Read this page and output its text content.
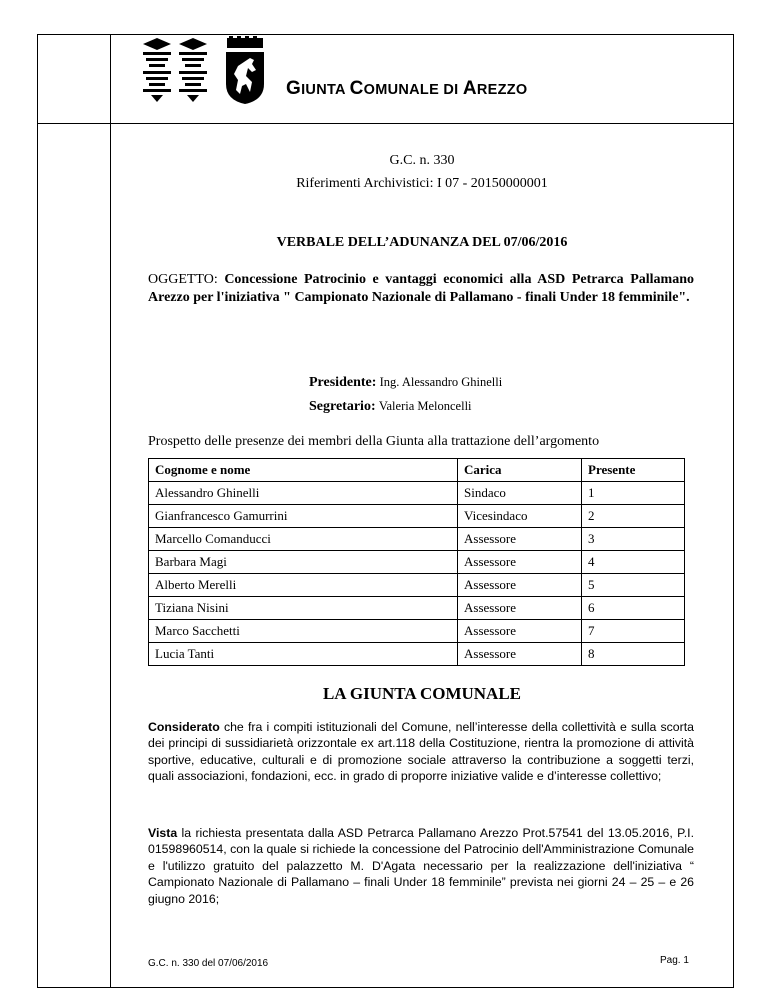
GIUNTA COMUNALE DI AREZZO
G.C. n. 330
Riferimenti Archivistici: I 07 - 20150000001
VERBALE DELL’ADUNANZA DEL 07/06/2016
OGGETTO: Concessione Patrocinio e vantaggi economici alla ASD Petrarca Pallamano Arezzo per l'iniziativa " Campionato Nazionale di Pallamano - finali Under 18 femminile".
Presidente: Ing. Alessandro Ghinelli
Segretario: Valeria Meloncelli
Prospetto delle presenze dei membri della Giunta alla trattazione dell’argomento
Cognome e nome	Carica	Presente
Alessandro Ghinelli	Sindaco	1
Gianfrancesco Gamurrini	Vicesindaco	2
Marcello Comanducci	Assessore	3
Barbara Magi	Assessore	4
Alberto Merelli	Assessore	5
Tiziana Nisini	Assessore	6
Marco Sacchetti	Assessore	7
Lucia Tanti	Assessore	8
LA GIUNTA COMUNALE
Considerato che fra i compiti istituzionali del Comune, nell’interesse della collettività e sulla scorta dei principi di sussidiarietà orizzontale ex art.118 della Costituzione, rientra la promozione di attività sportive, educative, culturali e di promozione sociale attraverso la contribuzione a soggetti terzi, quali associazioni, fondazioni, ecc. in grado di proporre iniziative valide e d’interesse collettivo;
Vista la richiesta presentata dalla ASD Petrarca Pallamano Arezzo Prot.57541 del 13.05.2016, P.I. 01598960514, con la quale si richiede la concessione del Patrocinio dell'Amministrazione Comunale e l'utilizzo gratuito del palazzetto M. D'Agata necessario per la realizzazione dell'iniziativa “ Campionato Nazionale di Pallamano – finali Under 18 femminile” prevista nei giorni 24 – 25 – e 26 giugno 2016;
G.C. n. 330 del 07/06/2016	Pag. 1
